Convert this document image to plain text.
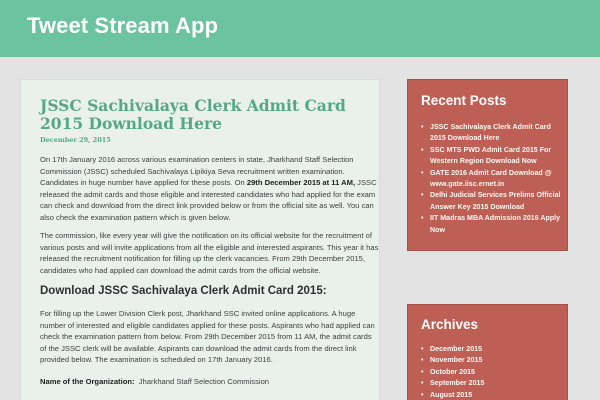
Tweet Stream App
JSSC Sachivalaya Clerk Admit Card 2015 Download Here
December 29, 2015

On 17th January 2016 across various examination centers in state, Jharkhand Staff Selection Commission (JSSC) scheduled Sachivalaya Lipikiya Seva recruitment written examination. Candidates in huge number have applied for these posts. On 29th December 2015 at 11 AM, JSSC released the admit cards and those eligible and interested candidates who had applied for the exam can check and download from the direct link provided below or from the official site as well. You can also check the examination pattern which is given below.

The commission, like every year will give the notification on its official website for the recruitment of various posts and will invite applications from all the eligible and interested aspirants. This year it has released the recruitment notification for filling up the clerk vacancies. From 29th December 2015, candidates who had applied can download the admit cards from the official website.

Download JSSC Sachivalaya Clerk Admit Card 2015:

For filling up the Lower Division Clerk post, Jharkhand SSC invited online applications. A huge number of interested and eligible candidates applied for these posts. Aspirants who had applied can check the examination pattern from below. From 29th December 2015 from 11 AM, the admit cards of the JSSC clerk will be available. Aspirants can download the admit cards from the direct link provided below. The examination is scheduled on 17th January 2016.

Name of the Organization: Jharkhand Staff Selection Commission

Recent Posts
• JSSC Sachivalaya Clerk Admit Card 2015 Download Here
• SSC MTS PWD Admit Card 2015 For Western Region Download Now
• GATE 2016 Admit Card Download @ www.gate.iisc.ernet.in
• Delhi Judicial Services Prelims Official Answer Key 2015 Download
• IIT Madras MBA Admission 2016 Apply Now
Archives
• December 2015
• November 2015
• October 2015
• September 2015
• August 2015
